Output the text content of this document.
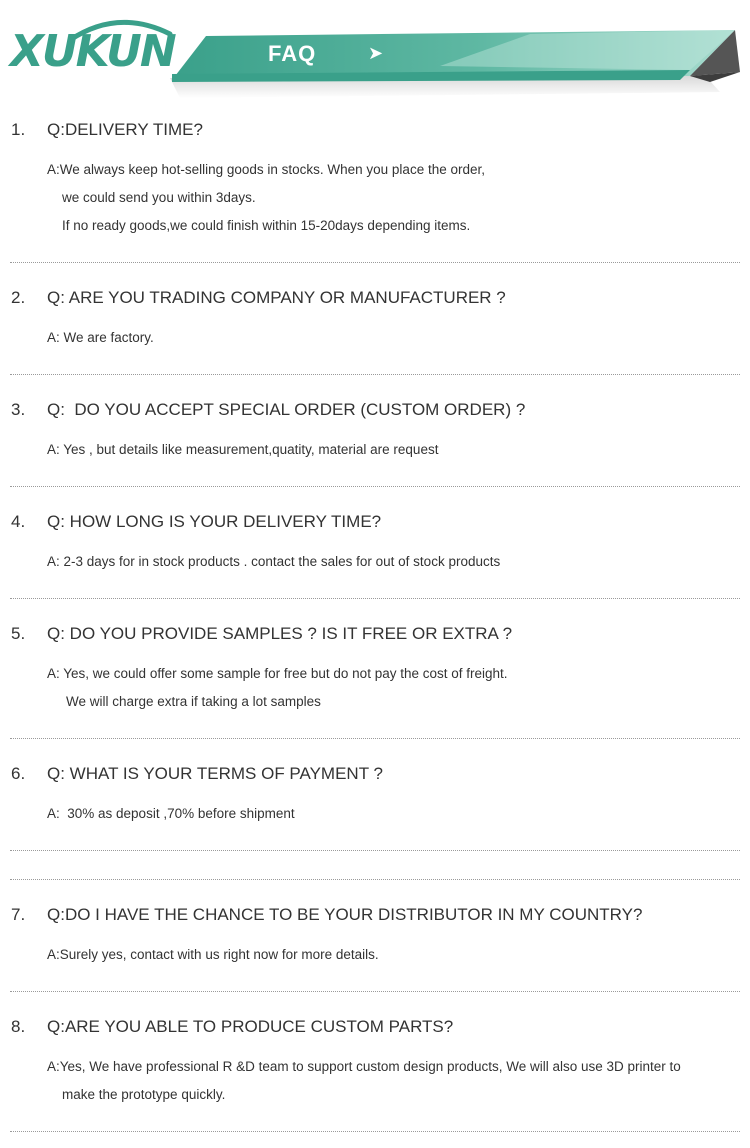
XUKUN	FAQ	➤
1. Q:DELIVERY TIME?
A:We always keep hot-selling goods in stocks. When you place the order,
we could send you within 3days.
If no ready goods,we could finish within 15-20days depending items.
2. Q: ARE YOU TRADING COMPANY OR MANUFACTURER ?
A: We are factory.
3. Q:  DO YOU ACCEPT SPECIAL ORDER (CUSTOM ORDER) ?
A: Yes , but details like measurement,quatity, material are request
4. Q: HOW LONG IS YOUR DELIVERY TIME?
A: 2-3 days for in stock products . contact the sales for out of stock products
5. Q: DO YOU PROVIDE SAMPLES ? IS IT FREE OR EXTRA ?
A: Yes, we could offer some sample for free but do not pay the cost of freight.
We will charge extra if taking a lot samples
6. Q: WHAT IS YOUR TERMS OF PAYMENT ?
A:  30% as deposit ,70% before shipment
7. Q:DO I HAVE THE CHANCE TO BE YOUR DISTRIBUTOR IN MY COUNTRY?
A:Surely yes, contact with us right now for more details.
8. Q:ARE YOU ABLE TO PRODUCE CUSTOM PARTS?
A:Yes, We have professional R &D team to support custom design products, We will also use 3D printer to
make the prototype quickly.
